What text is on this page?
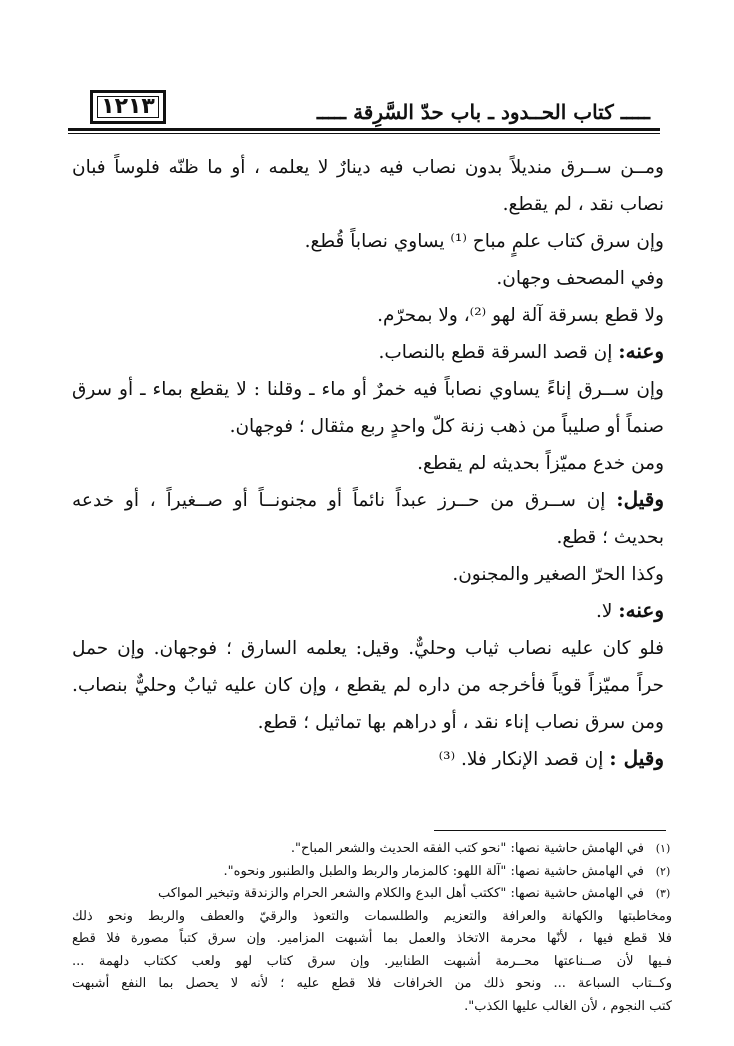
ـــــ كتاب الحــدود ـ باب حدّ السَّرِقة ـــــ
١٢١٣
ومــن ســرق منديلاً بدون نصاب فيه دينارٌ لا يعلمه ، أو ما ظنّه فلوساً فبان
نصاب نقد ، لم يقطع.
وإن سرق كتاب علمٍ مباح ⁽¹⁾ يساوي نصاباً قُطع.
وفي المصحف وجهان.
ولا قطع بسرقة آلة لهو ⁽²⁾، ولا بمحرّم.
وعنه: إن قصد السرقة قطع بالنصاب.
وإن ســرق إناءً يساوي نصاباً فيه خمرٌ أو ماء ـ وقلنا : لا يقطع بماء ـ أو سرق
صنماً أو صليباً من ذهب زنة كلّ واحدٍ ربع مثقال ؛ فوجهان.
ومن خدع مميّزاً بحديثه لم يقطع.
وقيل: إن ســرق من حــرز عبداً نائماً أو مجنونــاً أو صــغيراً ، أو خدعه
بحديث ؛ قطع.
وكذا الحرّ الصغير والمجنون.
وعنه: لا.
فلو كان عليه نصاب ثياب وحليٌّ. وقيل: يعلمه السارق ؛ فوجهان. وإن حمل
حراً مميّزاً قوياً فأخرجه من داره لم يقطع ، وإن كان عليه ثيابٌ وحليٌّ بنصاب.
ومن سرق نصاب إناء نقد ، أو دراهم بها تماثيل ؛ قطع.
وقيل : إن قصد الإنكار فلا. ⁽³⁾
(١)
في الهامش حاشية نصها: "نحو كتب الفقه الحديث والشعر المباح".
(٢)
في الهامش حاشية نصها: "آلة اللهو: كالمزمار والربط والطبل والطنبور ونحوه".
(٣)
في الهامش حاشية نصها: "ككتب أهل البدع والكلام والشعر الحرام والزندقة وتبخير المواكب
ومخاطبتها والكهانة والعرافة والتعزيم والطلسمات والتعوذ والرقيّ والعطف والربط ونحو ذلك
فلا قطع فيها ، لأنّها محرمة الاتخاذ والعمل بما أشبهت المزامير. وإن سرق كتباً مصورة فلا قطع
فـيها لأن صــناعتها محــرمة أشبهت الطنابير. وإن سرق كتاب لهو ولعب ككتاب دلهمة ...
وكــتاب السباعة ... ونحو ذلك من الخرافات فلا قطع عليه ؛ لأنه لا يحصل بما النفع أشبهت
كتب النجوم ، لأن الغالب عليها الكذب".
